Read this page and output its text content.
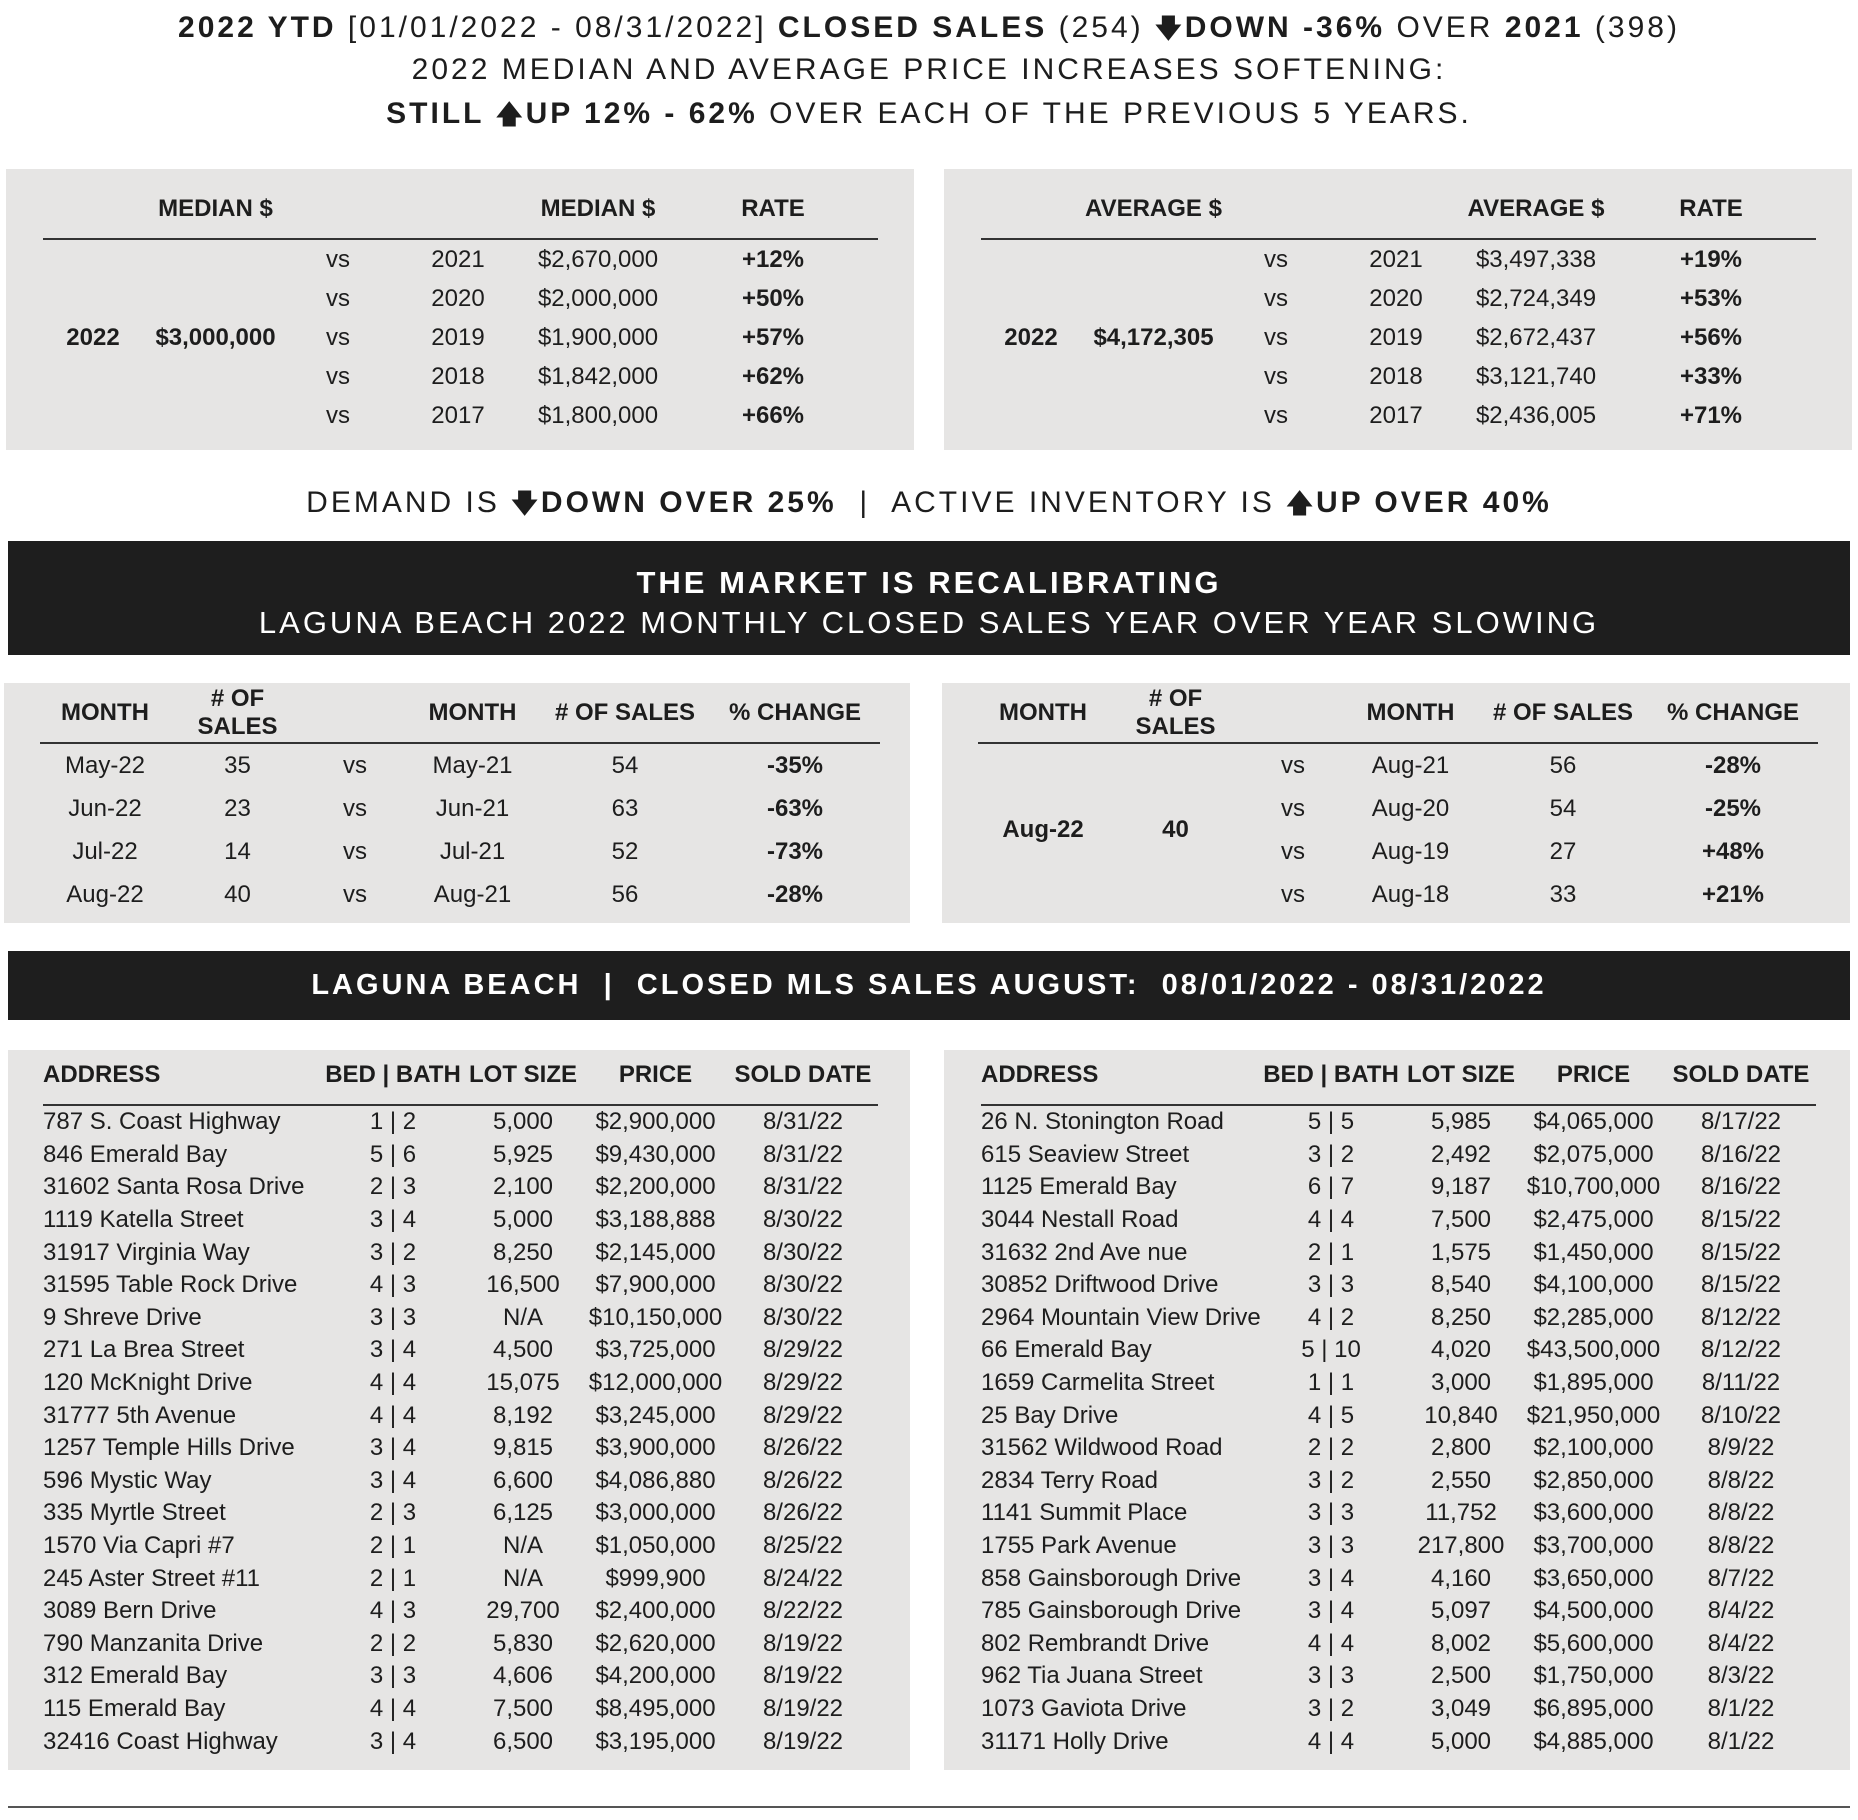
2022 YTD [01/01/2022 - 08/31/2022] CLOSED SALES (254) 🡇DOWN -36% OVER 2021 (398)
2022 MEDIAN AND AVERAGE PRICE INCREASES SOFTENING:
STILL 🡅UP 12% - 62% OVER EACH OF THE PREVIOUS 5 YEARS.
	MEDIAN $			MEDIAN $	RATE
2022	$3,000,000	vs	2021	$2,670,000	+12%
		vs	2020	$2,000,000	+50%
		vs	2019	$1,900,000	+57%
		vs	2018	$1,842,000	+62%
		vs	2017	$1,800,000	+66%
	AVERAGE $			AVERAGE $	RATE
2022	$4,172,305	vs	2021	$3,497,338	+19%
		vs	2020	$2,724,349	+53%
		vs	2019	$2,672,437	+56%
		vs	2018	$3,121,740	+33%
		vs	2017	$2,436,005	+71%
DEMAND IS 🡇DOWN OVER 25% | ACTIVE INVENTORY IS 🡅UP OVER 40%
THE MARKET IS RECALIBRATING
LAGUNA BEACH 2022 MONTHLY CLOSED SALES YEAR OVER YEAR SLOWING
MONTH	# OF SALES		MONTH	# OF SALES	% CHANGE
May-22	35	vs	May-21	54	-35%
Jun-22	23	vs	Jun-21	63	-63%
Jul-22	14	vs	Jul-21	52	-73%
Aug-22	40	vs	Aug-21	56	-28%
MONTH	# OF SALES		MONTH	# OF SALES	% CHANGE
Aug-22	40	vs	Aug-21	56	-28%
		vs	Aug-20	54	-25%
		vs	Aug-19	27	+48%
		vs	Aug-18	33	+21%
LAGUNA BEACH  |  CLOSED MLS SALES AUGUST:  08/01/2022 - 08/31/2022
ADDRESS	BED | BATH	LOT SIZE	PRICE	SOLD DATE
787 S. Coast Highway	1 | 2	5,000	$2,900,000	8/31/22
846 Emerald Bay	5 | 6	5,925	$9,430,000	8/31/22
31602 Santa Rosa Drive	2 | 3	2,100	$2,200,000	8/31/22
1119 Katella Street	3 | 4	5,000	$3,188,888	8/30/22
31917 Virginia Way	3 | 2	8,250	$2,145,000	8/30/22
31595 Table Rock Drive	4 | 3	16,500	$7,900,000	8/30/22
9 Shreve Drive	3 | 3	N/A	$10,150,000	8/30/22
271 La Brea Street	3 | 4	4,500	$3,725,000	8/29/22
120 McKnight Drive	4 | 4	15,075	$12,000,000	8/29/22
31777 5th Avenue	4 | 4	8,192	$3,245,000	8/29/22
1257 Temple Hills Drive	3 | 4	9,815	$3,900,000	8/26/22
596 Mystic Way	3 | 4	6,600	$4,086,880	8/26/22
335 Myrtle Street	2 | 3	6,125	$3,000,000	8/26/22
1570 Via Capri #7	2 | 1	N/A	$1,050,000	8/25/22
245 Aster Street #11	2 | 1	N/A	$999,900	8/24/22
3089 Bern Drive	4 | 3	29,700	$2,400,000	8/22/22
790 Manzanita Drive	2 | 2	5,830	$2,620,000	8/19/22
312 Emerald Bay	3 | 3	4,606	$4,200,000	8/19/22
115 Emerald Bay	4 | 4	7,500	$8,495,000	8/19/22
32416 Coast Highway	3 | 4	6,500	$3,195,000	8/19/22
ADDRESS	BED | BATH	LOT SIZE	PRICE	SOLD DATE
26 N. Stonington Road	5 | 5	5,985	$4,065,000	8/17/22
615 Seaview Street	3 | 2	2,492	$2,075,000	8/16/22
1125 Emerald Bay	6 | 7	9,187	$10,700,000	8/16/22
3044 Nestall Road	4 | 4	7,500	$2,475,000	8/15/22
31632 2nd Ave nue	2 | 1	1,575	$1,450,000	8/15/22
30852 Driftwood Drive	3 | 3	8,540	$4,100,000	8/15/22
2964 Mountain View Drive	4 | 2	8,250	$2,285,000	8/12/22
66 Emerald Bay	5 | 10	4,020	$43,500,000	8/12/22
1659 Carmelita Street	1 | 1	3,000	$1,895,000	8/11/22
25 Bay Drive	4 | 5	10,840	$21,950,000	8/10/22
31562 Wildwood Road	2 | 2	2,800	$2,100,000	8/9/22
2834 Terry Road	3 | 2	2,550	$2,850,000	8/8/22
1141 Summit Place	3 | 3	11,752	$3,600,000	8/8/22
1755 Park Avenue	3 | 3	217,800	$3,700,000	8/8/22
858 Gainsborough Drive	3 | 4	4,160	$3,650,000	8/7/22
785 Gainsborough Drive	3 | 4	5,097	$4,500,000	8/4/22
802 Rembrandt Drive	4 | 4	8,002	$5,600,000	8/4/22
962 Tia Juana Street	3 | 3	2,500	$1,750,000	8/3/22
1073 Gaviota Drive	3 | 2	3,049	$6,895,000	8/1/22
31171 Holly Drive	4 | 4	5,000	$4,885,000	8/1/22
